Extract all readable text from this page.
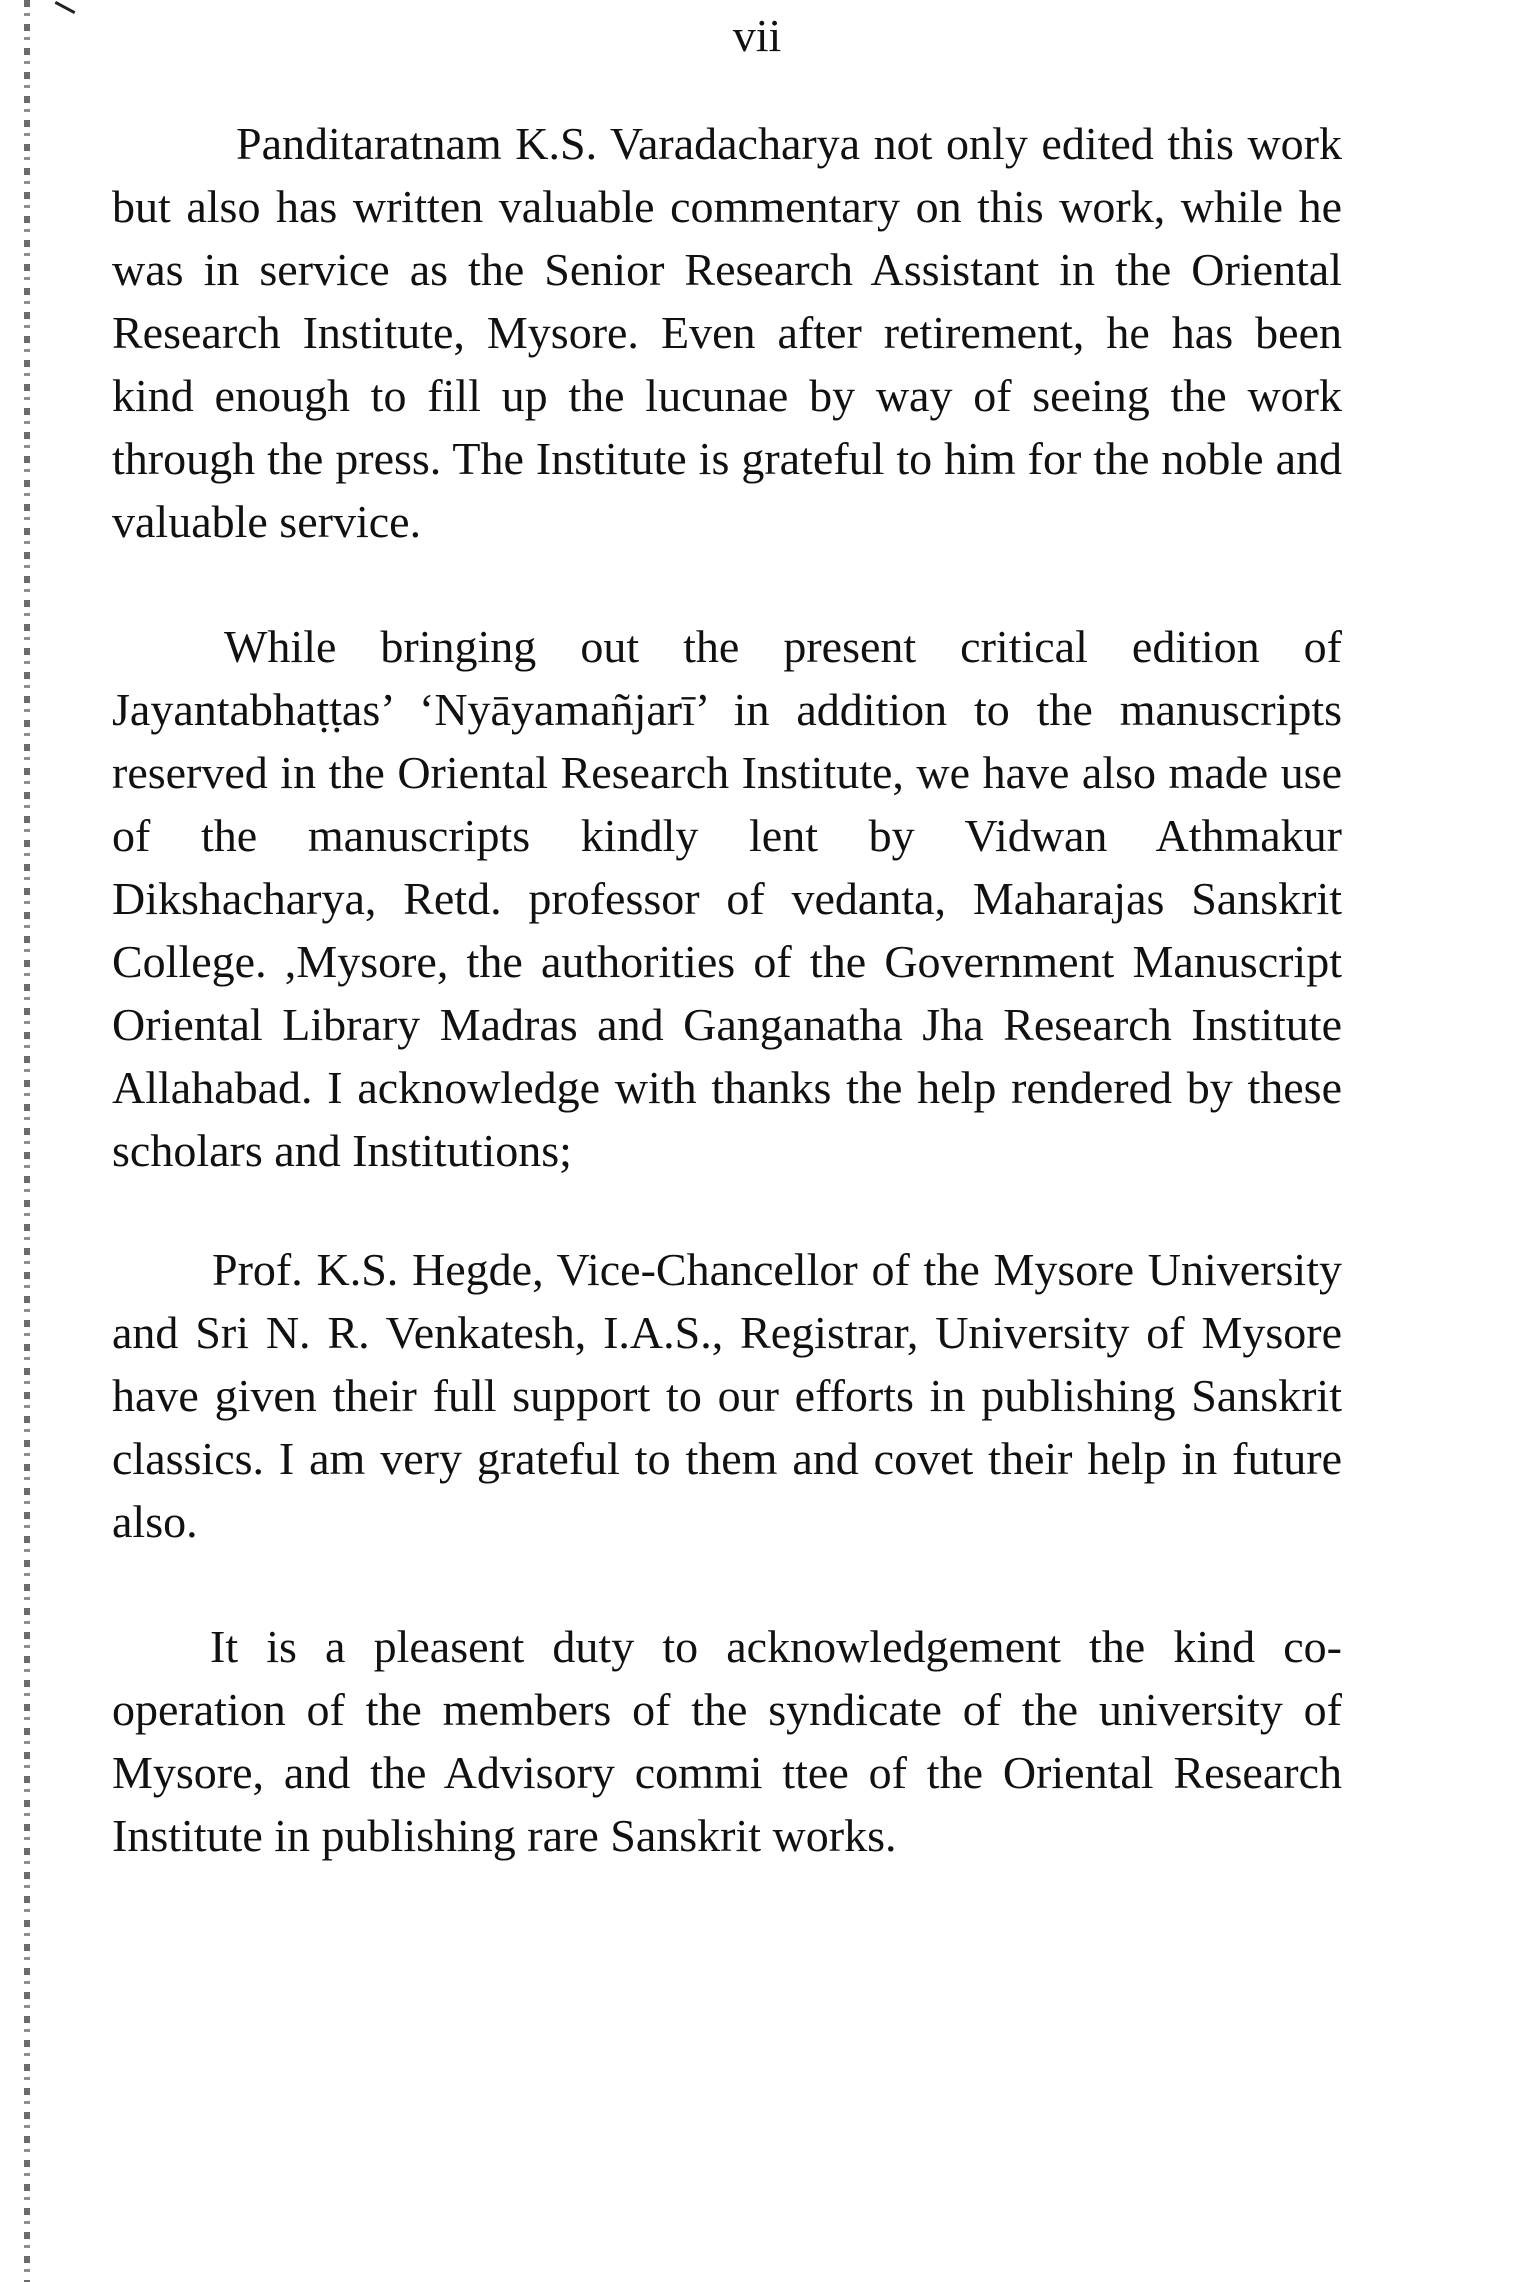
vii

Panditaratnam K.S. Varadacharya not only edited this work but also has written valuable commentary on this work, while he was in service as the Senior Research Assistant in the Oriental Research Institute, Mysore. Even after retirement, he has been kind enough to fill up the lucunae by way of seeing the work through the press. The Institute is grateful to him for the noble and valuable service.

While bringing out the present critical edition of Jayantabhaṭṭas’ ‘Nyāyamañjarī’ in addition to the manuscripts reserved in the Oriental Research Institute, we have also made use of the manuscripts kindly lent by Vidwan Athmakur Dikshacharya, Retd. professor of vedanta, Maharajas Sanskrit College. ,Mysore, the authorities of the Government Manuscript Oriental Library Madras and Ganganatha Jha Research Institute Allahabad. I acknowledge with thanks the help rendered by these scholars and Institutions;

Prof. K.S. Hegde, Vice-Chancellor of the Mysore University and Sri N. R. Venkatesh, I.A.S., Registrar, University of Mysore have given their full support to our efforts in publishing Sanskrit classics. I am very grateful to them and covet their help in future also.

It is a pleasent duty to acknowledgement the kind co-operation of the members of the syndicate of the university of Mysore, and the Advisory commi ttee of the Oriental Research Institute in publishing rare Sanskrit works.
